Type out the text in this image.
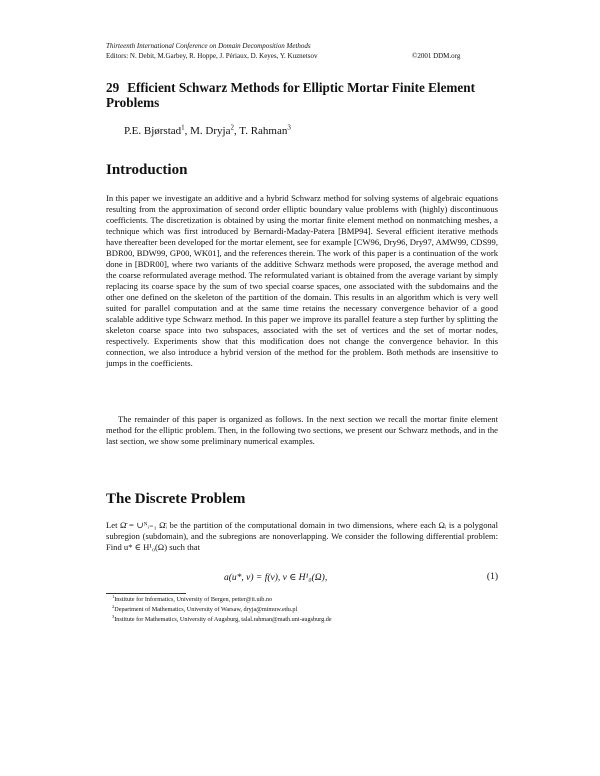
Thirteenth International Conference on Domain Decomposition Methods
Editors: N. Debit, M.Garbey, R. Hoppe, J. Périaux, D. Keyes, Y. Kuznetsov	©2001 DDM.org
29 Efficient Schwarz Methods for Elliptic Mortar Finite Element Problems
P.E. Bjørstad$^1$, M. Dryja$^2$, T. Rahman$^3$
Introduction

In this paper we investigate an additive and a hybrid Schwarz method for solving systems of algebraic equations resulting from the approximation of second order elliptic boundary value problems with (highly) discontinuous coefficients. The discretization is obtained by using the mortar finite element method on nonmatching meshes, a technique which was first introduced by Bernardi-Maday-Patera [BMP94]. Several efficient iterative methods have thereafter been developed for the mortar element, see for example [CW96, Dry96, Dry97, AMW99, CDS99, BDR00, BDW99, GP00, WK01], and the references therein. The work of this paper is a continuation of the work done in [BDR00], where two variants of the additive Schwarz methods were proposed, the average method and the coarse reformulated average method. The reformulated variant is obtained from the average variant by simply replacing its coarse space by the sum of two special coarse spaces, one associated with the subdomains and the other one defined on the skeleton of the partition of the domain. This results in an algorithm which is very well suited for parallel computation and at the same time retains the necessary convergence behavior of a good scalable additive type Schwarz method. In this paper we improve its parallel feature a step further by splitting the skeleton coarse space into two subspaces, associated with the set of vertices and the set of mortar nodes, respectively. Experiments show that this modification does not change the convergence behavior. In this connection, we also introduce a hybrid version of the method for the problem. Both methods are insensitive to jumps in the coefficients.

The remainder of this paper is organized as follows. In the next section we recall the mortar finite element method for the elliptic problem. Then, in the following two sections, we present our Schwarz methods, and in the last section, we show some preliminary numerical examples.

The Discrete Problem

Let Ω̄ = ∪ᴺᵢ₌₁ Ω̄ᵢ be the partition of the computational domain in two dimensions, where each Ωᵢ is a polygonal subregion (subdomain), and the subregions are nonoverlapping. We consider the following differential problem: Find u* ∈ H¹₀(Ω) such that

a(u*, v) = f(v), v ∈ H¹₀(Ω),	(1)
$^1$Institute for Informatics, University of Bergen, petter@ii.uib.no
$^2$Department of Mathematics, University of Warsaw, dryja@mimuw.edu.pl
$^3$Institute for Mathematics, University of Augsburg, talal.rahman@math.uni-augsburg.de
